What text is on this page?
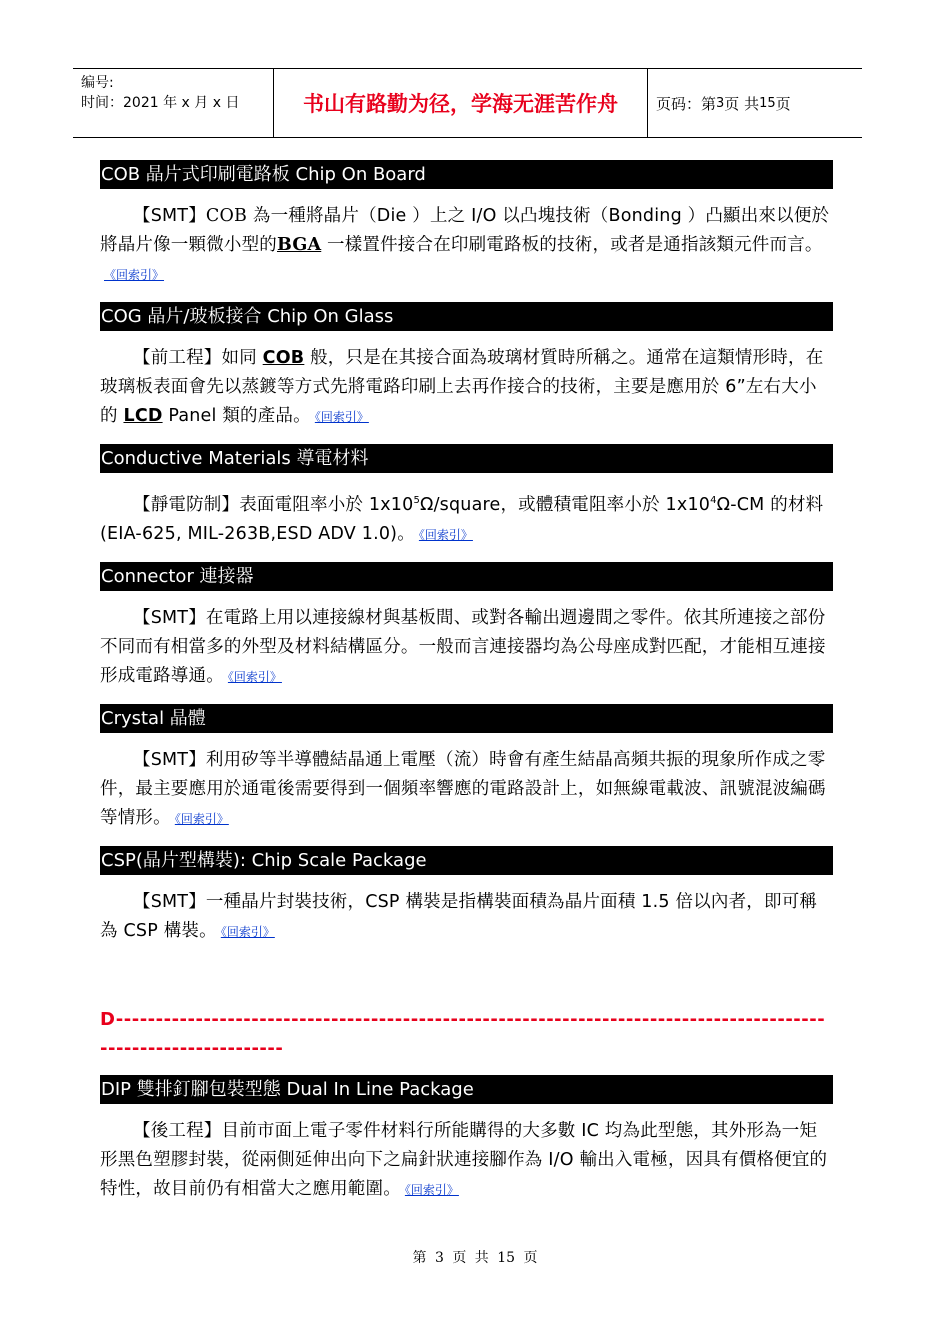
编号:
时间：2021 年 x 月 x 日	书山有路勤为径，学海无涯苦作舟	页码：第 3 页 共 15 页
COB 晶片式印刷電路板 Chip On Board
【SMT】COB 為一種將晶片（Die ）上之 I/O 以凸塊技術（Bonding ）凸顯出來以便於將晶片像一顆微小型的BGA 一樣置件接合在印刷電路板的技術，或者是通指該類元件而言。《回索引》
COG 晶片/玻板接合 Chip On Glass
【前工程】如同 COB 般，只是在其接合面為玻璃材質時所稱之。通常在這類情形時，在玻璃板表面會先以蒸鍍等方式先將電路印刷上去再作接合的技術，主要是應用於 6”左右大小的 LCD Panel 類的產品。 《回索引》
Conductive Materials 導電材料
【靜電防制】表面電阻率小於 $1x10^5\Omega$/square，或體積電阻率小於 $1x10^4\Omega-CM$ 的材料(EIA-625, MIL-263B,ESD ADV 1.0)。 《回索引》
Connector 連接器
【SMT】在電路上用以連接線材與基板間、或對各輸出週邊間之零件。依其所連接之部份不同而有相當多的外型及材料結構區分。一般而言連接器均為公母座成對匹配，才能相互連接形成電路導通。 《回索引》
Crystal 晶體
【SMT】利用矽等半導體結晶通上電壓（流）時會有產生結晶高頻共振的現象所作成之零件，最主要應用於通電後需要得到一個頻率響應的電路設計上，如無線電載波、訊號混波編碼等情形。 《回索引》
CSP(晶片型構裝): Chip Scale Package
【SMT】一種晶片封裝技術，CSP 構裝是指構裝面積為晶片面積 1.5 倍以內者，即可稱為 CSP 構裝。 《回索引》
D----------------------------------------------------------------------------------------------------------------
DIP 雙排釘腳包裝型態 Dual In Line Package
【後工程】目前市面上電子零件材料行所能購得的大多數 IC 均為此型態，其外形為一矩形黑色塑膠封裝，從兩側延伸出向下之扁針狀連接腳作為 I/O 輸出入電極，因具有價格便宜的特性，故目前仍有相當大之應用範圍。 《回索引》
第 3 页 共 15 页
